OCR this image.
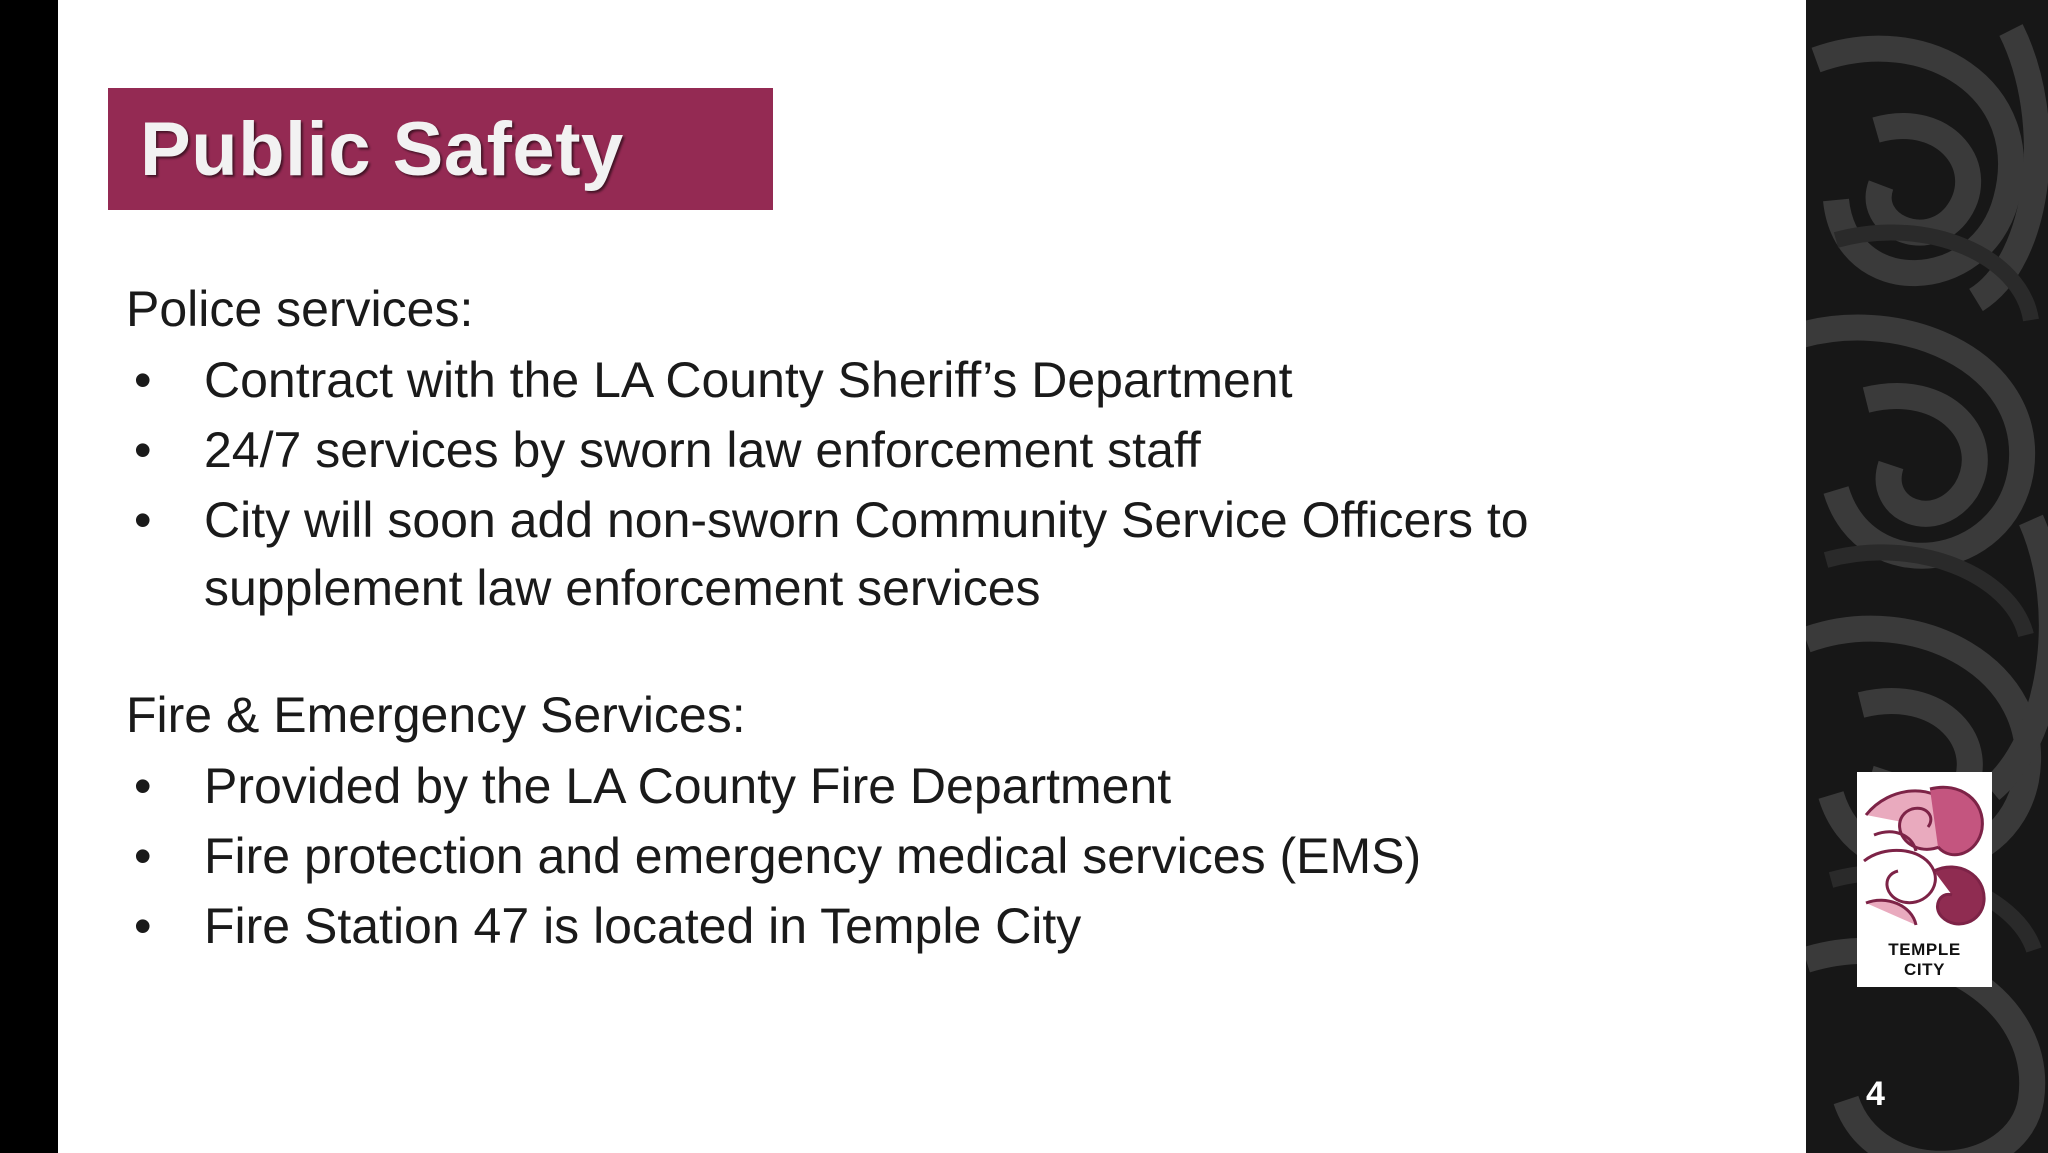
Public Safety

Police services:

• Contract with the LA County Sheriff’s Department
• 24/7 services by sworn law enforcement staff
• City will soon add non-sworn Community Service Officers to supplement law enforcement services

Fire & Emergency Services:

• Provided by the LA County Fire Department
• Fire protection and emergency medical services (EMS)
• Fire Station 47 is located in Temple City	TEMPLE
CITY
4
